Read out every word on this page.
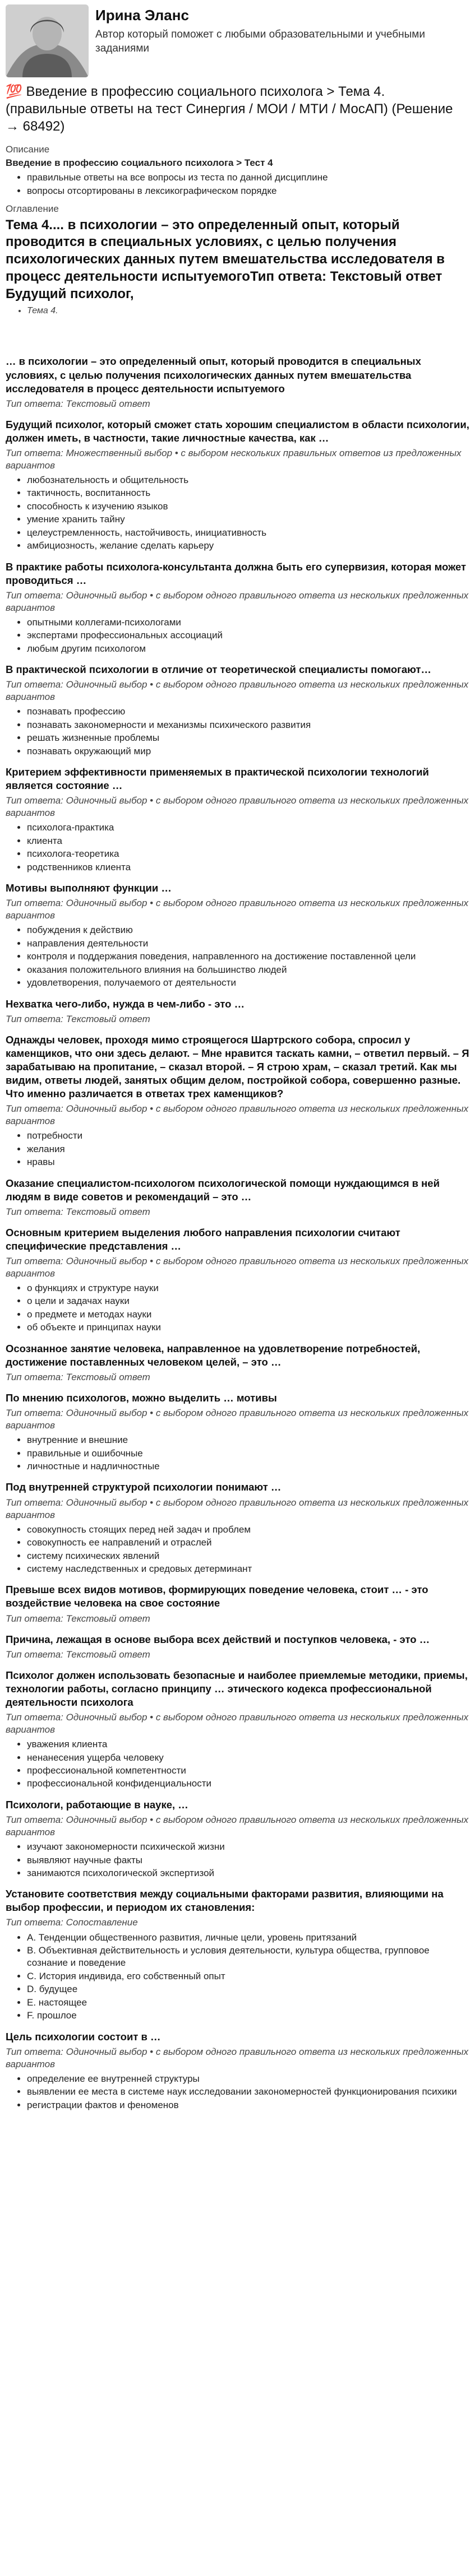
Ирина Эланс
Автор который поможет с любыми образовательными и учебными заданиями
💯 Введение в профессию социального психолога > Тема 4. (правильные ответы на тест Синергия / МОИ / МТИ / МосАП) (Решение → 68492)
Описание
Введение в профессию социального психолога > Тест 4
• правильные ответы на все вопросы из теста по данной дисциплине
• вопросы отсортированы в лексикографическом порядке
Оглавление
Тема 4.... в психологии – это определенный опыт, который проводится в специальных условиях, с целью получения психологических данных путем вмешательства исследователя в процесс деятельности испытуемогоТип ответа: Текстовый ответ Будущий психолог,
• Тема 4.
… в психологии – это определенный опыт, который проводится в специальных условиях, с целью получения психологических данных путем вмешательства исследователя в процесс деятельности испытуемого
Тип ответа: Текстовый ответ
Будущий психолог, который сможет стать хорошим специалистом в области психологии, должен иметь, в частности, такие личностные качества, как …
Тип ответа: Множественный выбор • с выбором нескольких правильных ответов из предложенных вариантов
• любознательность и общительность
• тактичность, воспитанность
• способность к изучению языков
• умение хранить тайну
• целеустремленность, настойчивость, инициативность
• амбициозность, желание сделать карьеру
В практике работы психолога-консультанта должна быть его супервизия, которая может проводиться …
Тип ответа: Одиночный выбор • с выбором одного правильного ответа из нескольких предложенных вариантов
• опытными коллегами-психологами
• экспертами профессиональных ассоциаций
• любым другим психологом
В практической психологии в отличие от теоретической специалисты помогают…
Тип ответа: Одиночный выбор • с выбором одного правильного ответа из нескольких предложенных вариантов
• познавать профессию
• познавать закономерности и механизмы психического развития
• решать жизненные проблемы
• познавать окружающий мир
Критерием эффективности применяемых в практической психологии технологий является состояние …
Тип ответа: Одиночный выбор • с выбором одного правильного ответа из нескольких предложенных вариантов
• психолога-практика
• клиента
• психолога-теоретика
• родственников клиента
Мотивы выполняют функции …
Тип ответа: Одиночный выбор • с выбором одного правильного ответа из нескольких предложенных вариантов
• побуждения к действию
• направления деятельности
• контроля и поддержания поведения, направленного на достижение поставленной цели
• оказания положительного влияния на большинство людей
• удовлетворения, получаемого от деятельности
Нехватка чего-либо, нужда в чем-либо - это …
Тип ответа: Текстовый ответ
Однажды человек, проходя мимо строящегося Шартрского собора, спросил у каменщиков, что они здесь делают. – Мне нравится таскать камни, – ответил первый. – Я зарабатываю на пропитание, – сказал второй. – Я строю храм, – сказал третий. Как мы видим, ответы людей, занятых общим делом, постройкой собора, совершенно разные. Что именно различается в ответах трех каменщиков?
Тип ответа: Одиночный выбор • с выбором одного правильного ответа из нескольких предложенных вариантов
• потребности
• желания
• нравы
Оказание специалистом-психологом психологической помощи нуждающимся в ней людям в виде советов и рекомендаций – это …
Тип ответа: Текстовый ответ
Основным критерием выделения любого направления психологии считают специфические представления …
Тип ответа: Одиночный выбор • с выбором одного правильного ответа из нескольких предложенных вариантов
• о функциях и структуре науки
• о цели и задачах науки
• о предмете и методах науки
• об объекте и принципах науки
Осознанное занятие человека, направленное на удовлетворение потребностей, достижение поставленных человеком целей, – это …
Тип ответа: Текстовый ответ
По мнению психологов, можно выделить … мотивы
Тип ответа: Одиночный выбор • с выбором одного правильного ответа из нескольких предложенных вариантов
• внутренние и внешние
• правильные и ошибочные
• личностные и надличностные
Под внутренней структурой психологии понимают …
Тип ответа: Одиночный выбор • с выбором одного правильного ответа из нескольких предложенных вариантов
• совокупность стоящих перед ней задач и проблем
• совокупность ее направлений и отраслей
• систему психических явлений
• систему наследственных и средовых детерминант
Превыше всех видов мотивов, формирующих поведение человека, стоит … - это воздействие человека на свое состояние
Тип ответа: Текстовый ответ
Причина, лежащая в основе выбора всех действий и поступков человека, - это …
Тип ответа: Текстовый ответ
Психолог должен использовать безопасные и наиболее приемлемые методики, приемы, технологии работы, согласно принципу … этического кодекса профессиональной деятельности психолога
Тип ответа: Одиночный выбор • с выбором одного правильного ответа из нескольких предложенных вариантов
• уважения клиента
• ненанесения ущерба человеку
• профессиональной компетентности
• профессиональной конфиденциальности
Психологи, работающие в науке, …
Тип ответа: Одиночный выбор • с выбором одного правильного ответа из нескольких предложенных вариантов
• изучают закономерности психической жизни
• выявляют научные факты
• занимаются психологической экспертизой
Установите соответствия между социальными факторами развития, влияющими на выбор профессии, и периодом их становления:
Тип ответа: Сопоставление
• A. Тенденции общественного развития, личные цели, уровень притязаний
• B. Объективная действительность и условия деятельности, культура общества, групповое сознание и поведение
• C. История индивида, его собственный опыт
• D. будущее
• E. настоящее
• F. прошлое
Цель психологии состоит в …
Тип ответа: Одиночный выбор • с выбором одного правильного ответа из нескольких предложенных вариантов
• определение ее внутренней структуры
• выявлении ее места в системе наук исследовании закономерностей функционирования психики
• регистрации фактов и феноменов
